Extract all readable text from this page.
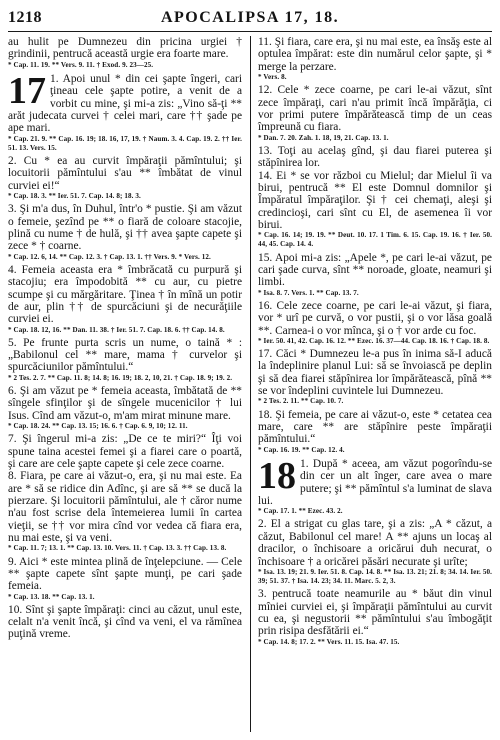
1218	APOCALIPSA 17, 18.

au hulit pe Dumnezeu din pricina urgiei † grindinii, pentrucă această urgie era foarte mare.

* Cap. 11. 19. ** Vers. 9. 11. † Exod. 9. 23—25.

17 1. Apoi unul * din cei şapte îngeri, cari ţineau cele şapte potire, a venit de a vorbit cu mine, şi mi-a zis: „Vino să-ţi ** arăt judecata curvei † celei mari, care †† şade pe ape mari.

* Cap. 21. 9. ** Cap. 16. 19; 18. 16, 17, 19. † Naum. 3. 4. Cap. 19. 2. †† Ier. 51. 13. Vers. 15.

2. Cu * ea au curvit împăraţii pămîntului; şi locuitorii pămîntului s'au ** îmbătat de vinul curviei ei!“

* Cap. 18. 3. ** Ier. 51. 7. Cap. 14. 8; 18. 3.

3. Şi m'a dus, în Duhul, într'o * pustie. Şi am văzut o femeie, şezînd pe ** o fiară de coloare stacojie, plină cu nume † de hulă, şi †† avea şapte capete şi zece * † coarne.

* Cap. 12. 6, 14. ** Cap. 12. 3. † Cap. 13. 1. †† Vers. 9. * Vers. 12.

4. Femeia aceasta era * îmbrăcată cu purpură şi stacojiu; era împodobită ** cu aur, cu pietre scumpe şi cu mărgăritare. Ţinea † în mînă un potir de aur, plin †† de spurcăciuni şi de necurăţiile curviei ei.

* Cap. 18. 12, 16. ** Dan. 11. 38. † Ier. 51. 7. Cap. 18. 6. †† Cap. 14. 8.

5. Pe frunte purta scris un nume, o taină * : „Babilonul cel ** mare, mama † curvelor şi spurcăciunilor pămîntului.“

* 2 Tes. 2. 7. ** Cap. 11. 8; 14. 8; 16. 19; 18. 2, 10, 21. † Cap. 18. 9; 19. 2.

6. Şi am văzut pe * femeia aceasta, îmbătată de ** sîngele sfinţilor şi de sîngele mucenicilor † lui Isus. Cînd am văzut-o, m'am mirat minune mare.

* Cap. 18. 24. ** Cap. 13. 15; 16. 6. † Cap. 6. 9, 10; 12. 11.

7. Şi îngerul mi-a zis: „De ce te miri?“ Îţi voi spune taina acestei femei şi a fiarei care o poartă, şi care are cele şapte capete şi cele zece coarne.

8. Fiara, pe care ai văzut-o, era, şi nu mai este. Ea are * să se ridice din Adînc, şi are să ** se ducă la pierzare. Şi locuitorii pămîntului, ale † căror nume n'au fost scrise dela întemeierea lumii în cartea vieţii, se †† vor mira cînd vor vedea că fiara era, nu mai este, şi va veni.

* Cap. 11. 7; 13. 1. ** Cap. 13. 10. Vers. 11. † Cap. 13. 3. †† Cap. 13. 8.

9. Aici * este mintea plină de înţelepciune. — Cele ** şapte capete sînt şapte munţi, pe cari şade femeia.

* Cap. 13. 18. ** Cap. 13. 1.

10. Sînt şi şapte împăraţi: cinci au căzut, unul este, celalt n'a venit încă, şi cînd va veni, el va rămînea puţină vreme.

11. Şi fiara, care era, şi nu mai este, ea însăş este al optulea împărat: este din numărul celor şapte, şi * merge la perzare.

* Vers. 8.

12. Cele * zece coarne, pe cari le-ai văzut, sînt zece împăraţi, cari n'au primit încă împărăţia, ci vor primi putere împărătească timp de un ceas împreună cu fiara.

* Dan. 7. 20. Zah. 1. 18, 19, 21. Cap. 13. 1.

13. Toţi au acelaş gînd, şi dau fiarei puterea şi stăpînirea lor.

14. Ei * se vor război cu Mielul; dar Mielul îi va birui, pentrucă ** El este Domnul domnilor şi Împăratul împăraţilor. Şi † cei chemaţi, aleşi şi credincioşi, cari sînt cu El, de asemenea îi vor birui.

* Cap. 16. 14; 19. 19. ** Deut. 10. 17. 1 Tim. 6. 15. Cap. 19. 16. † Ier. 50. 44, 45. Cap. 14. 4.

15. Apoi mi-a zis: „Apele *, pe cari le-ai văzut, pe cari şade curva, sînt ** noroade, gloate, neamuri şi limbi.

* Isa. 8. 7. Vers. 1. ** Cap. 13. 7.

16. Cele zece coarne, pe cari le-ai văzut, şi fiara, vor * urî pe curvă, o vor pustii, şi o vor lăsa goală **. Carnea-i o vor mînca, şi o † vor arde cu foc.

* Ier. 50. 41, 42. Cap. 16. 12. ** Ezec. 16. 37—44. Cap. 18. 16. † Cap. 18. 8.

17. Căci * Dumnezeu le-a pus în inima să-I aducă la îndeplinire planul Lui: să se învoiască pe deplin şi să dea fiarei stăpînirea lor împărătească, pînă ** se vor îndeplini cuvintele lui Dumnezeu.

* 2 Tes. 2. 11. ** Cap. 10. 7.

18. Şi femeia, pe care ai văzut-o, este * cetatea cea mare, care ** are stăpînire peste împăraţii pămîntului.“

* Cap. 16. 19. ** Cap. 12. 4.

18 1. După * aceea, am văzut pogorîndu-se din cer un alt înger, care avea o mare putere; şi ** pămîntul s'a luminat de slava lui.

* Cap. 17. 1. ** Ezec. 43. 2.

2. El a strigat cu glas tare, şi a zis: „A * căzut, a căzut, Babilonul cel mare! A ** ajuns un locaş al dracilor, o închisoare a oricărui duh necurat, o închisoare † a oricărei păsări necurate şi urîte;

* Isa. 13. 19; 21. 9. Ier. 51. 8. Cap. 14. 8. ** Isa. 13. 21; 21. 8; 34. 14. Ier. 50. 39; 51. 37. † Isa. 14. 23; 34. 11. Marc. 5. 2, 3.

3. pentrucă toate neamurile au * băut din vinul mîniei curviei ei, şi împăraţii pămîntului au curvit cu ea, şi negustorii ** pămîntului s'au îmbogăţit prin risipa desfătării ei.“

* Cap. 14. 8; 17. 2. ** Vers. 11. 15. Isa. 47. 15.
